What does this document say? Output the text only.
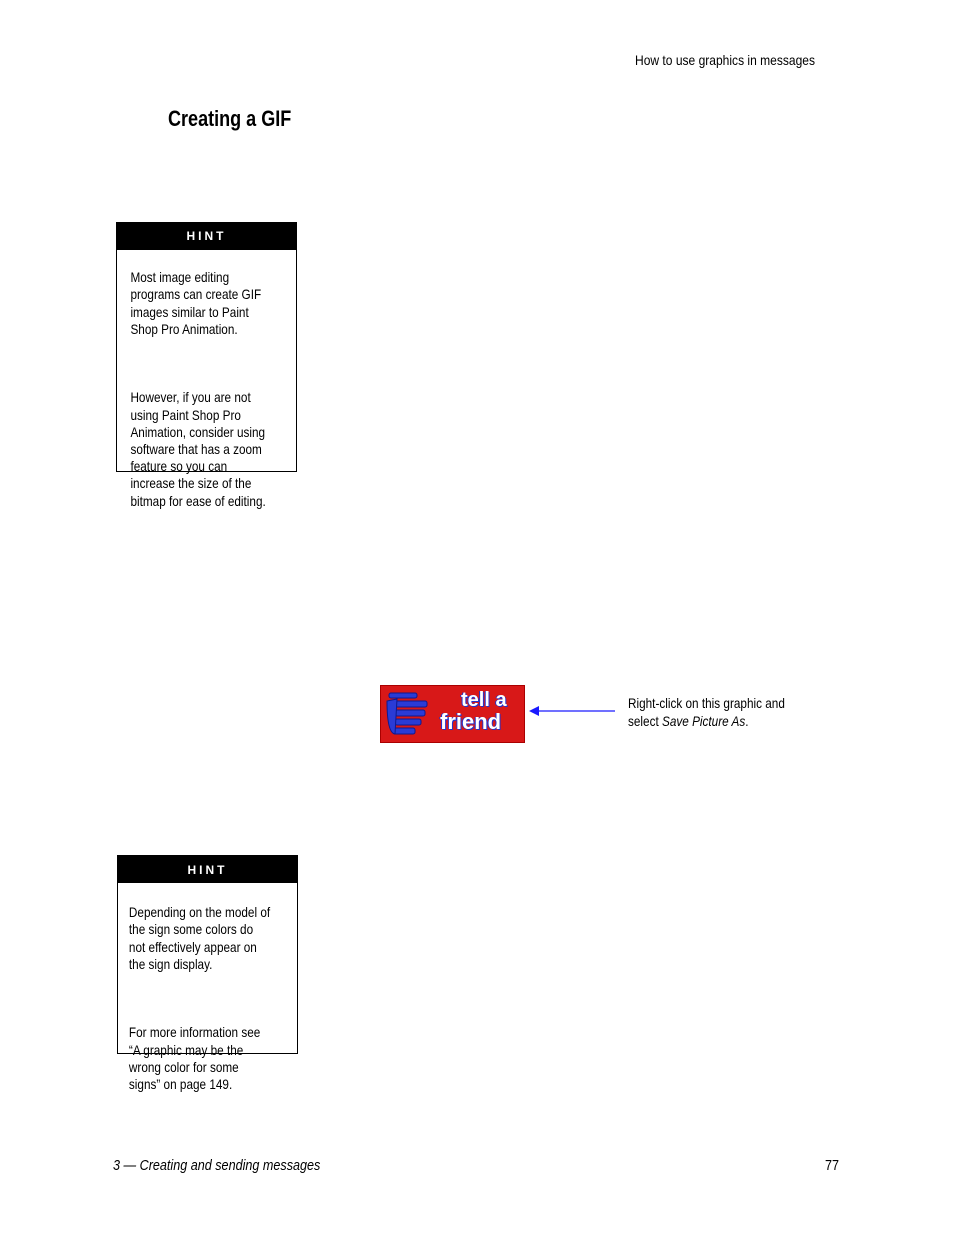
How to use graphics in messages
Creating a GIF
HINT

Most image editing
programs can create GIF
images similar to Paint
Shop Pro Animation.

However, if you are not
using Paint Shop Pro
Animation, consider using
software that has a zoom
feature so you can
increase the size of the
bitmap for ease of editing.

tell a
friend
Right-click on this graphic and
select Save Picture As.
HINT

Depending on the model of
the sign some colors do
not effectively appear on
the sign display.

For more information see
“A graphic may be the
wrong color for some
signs” on page 149.

3 — Creating and sending messages	77
